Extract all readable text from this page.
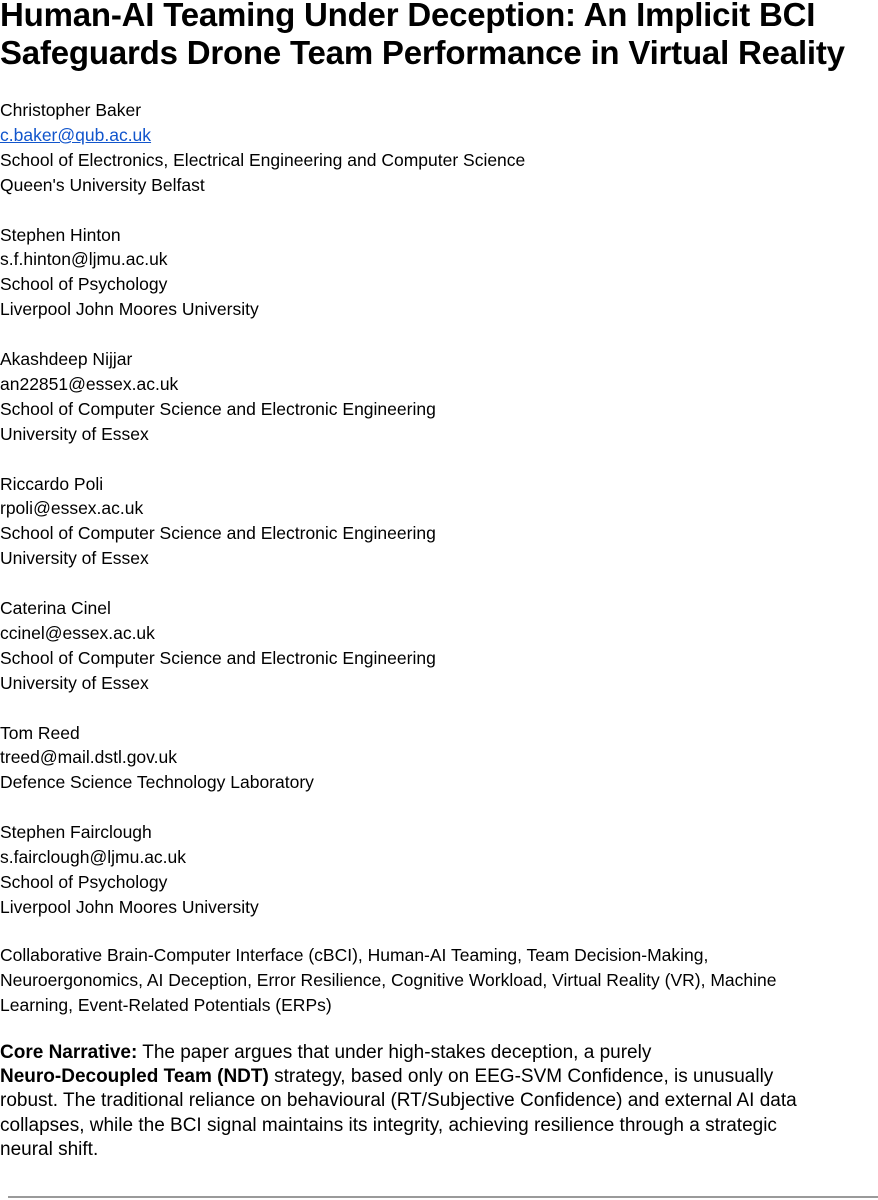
Human-AI Teaming Under Deception: An Implicit BCI
Safeguards Drone Team Performance in Virtual Reality
Christopher Baker
c.baker@qub.ac.uk
School of Electronics, Electrical Engineering and Computer Science
Queen's University Belfast
Stephen Hinton
s.f.hinton@ljmu.ac.uk
School of Psychology
Liverpool John Moores University
Akashdeep Nijjar
an22851@essex.ac.uk
School of Computer Science and Electronic Engineering
University of Essex
Riccardo Poli
rpoli@essex.ac.uk
School of Computer Science and Electronic Engineering
University of Essex
Caterina Cinel
ccinel@essex.ac.uk
School of Computer Science and Electronic Engineering
University of Essex
Tom Reed
treed@mail.dstl.gov.uk
Defence Science Technology Laboratory
Stephen Fairclough
s.fairclough@ljmu.ac.uk
School of Psychology
Liverpool John Moores University
Collaborative Brain-Computer Interface (cBCI), Human-AI Teaming, Team Decision-Making,
Neuroergonomics, AI Deception, Error Resilience, Cognitive Workload, Virtual Reality (VR), Machine
Learning, Event-Related Potentials (ERPs)
Core Narrative: The paper argues that under high-stakes deception, a purely
Neuro-Decoupled Team (NDT) strategy, based only on EEG-SVM Confidence, is unusually
robust. The traditional reliance on behavioural (RT/Subjective Confidence) and external AI data
collapses, while the BCI signal maintains its integrity, achieving resilience through a strategic
neural shift.
